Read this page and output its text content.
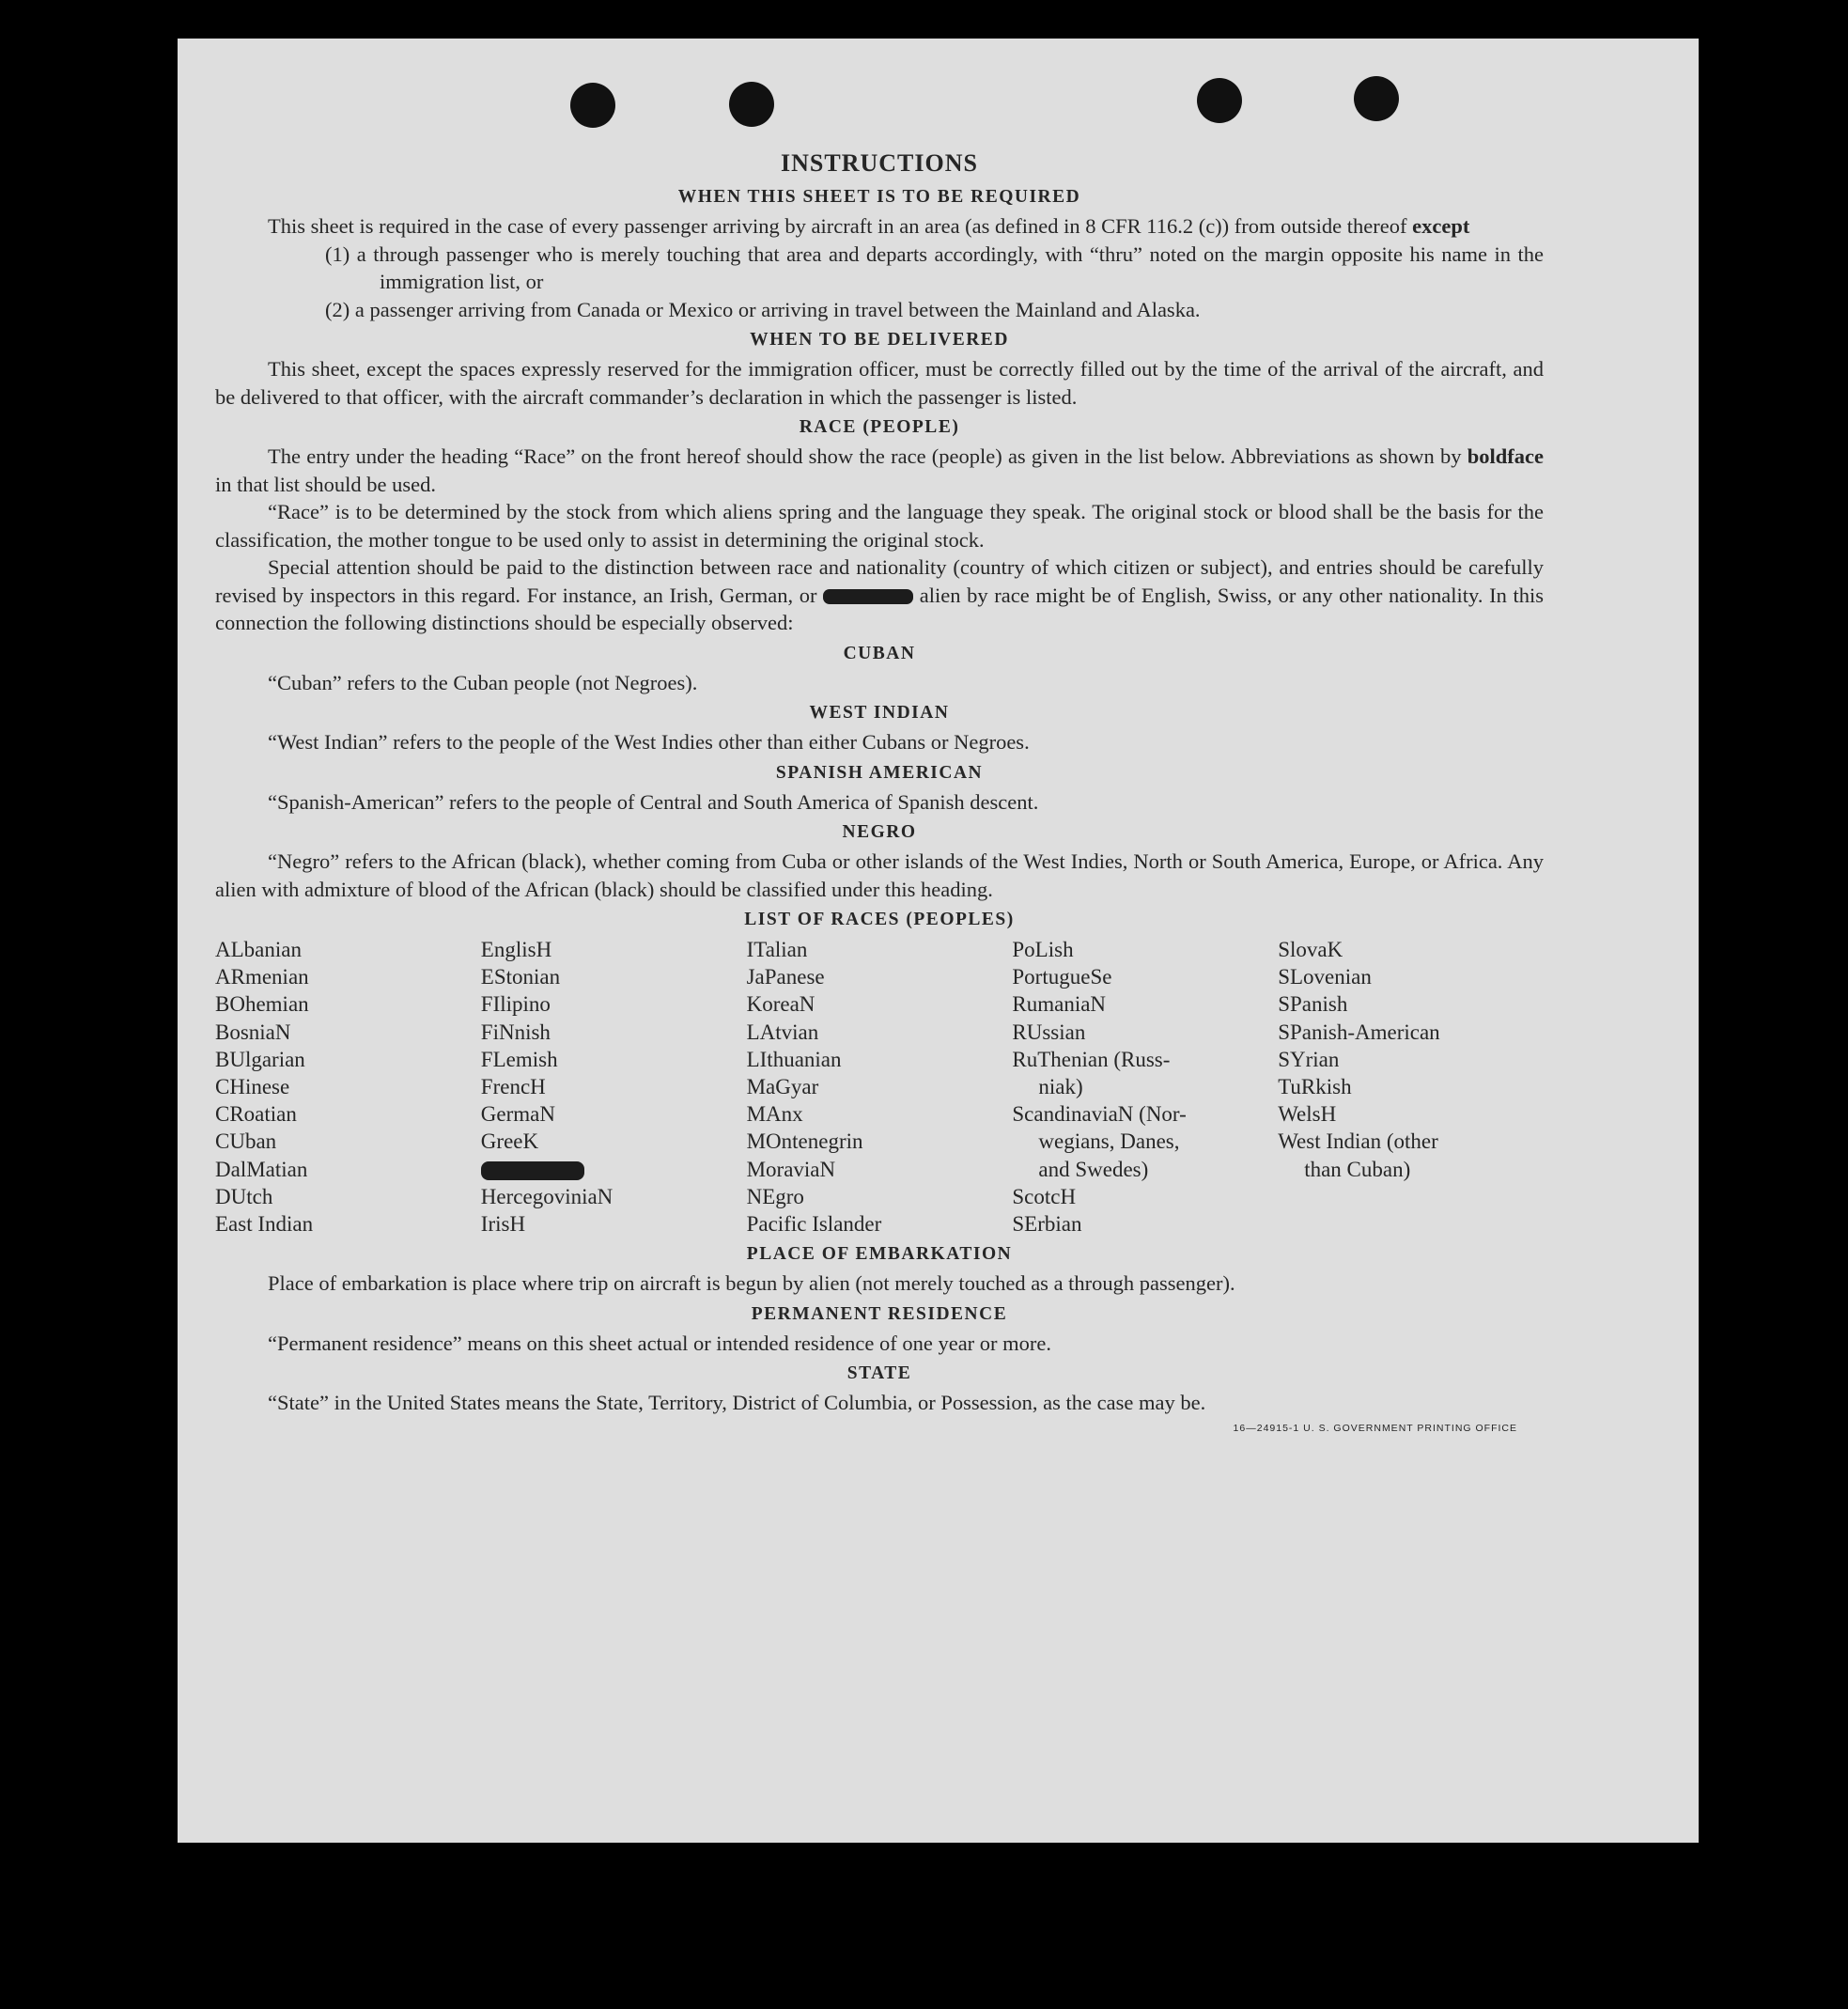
INSTRUCTIONS
WHEN THIS SHEET IS TO BE REQUIRED

This sheet is required in the case of every passenger arriving by aircraft in an area (as defined in 8 CFR 116.2 (c)) from outside thereof except

(1) a through passenger who is merely touching that area and departs accordingly, with “thru” noted on the margin opposite his name in the immigration list, or

(2) a passenger arriving from Canada or Mexico or arriving in travel between the Mainland and Alaska.

WHEN TO BE DELIVERED

This sheet, except the spaces expressly reserved for the immigration officer, must be correctly filled out by the time of the arrival of the aircraft, and be delivered to that officer, with the aircraft commander’s declaration in which the passenger is listed.

RACE (PEOPLE)

The entry under the heading “Race” on the front hereof should show the race (people) as given in the list below. Abbreviations as shown by boldface in that list should be used.

“Race” is to be determined by the stock from which aliens spring and the language they speak. The original stock or blood shall be the basis for the classification, the mother tongue to be used only to assist in determining the original stock.

Special attention should be paid to the distinction between race and nationality (country of which citizen or subject), and entries should be carefully revised by inspectors in this regard. For instance, an Irish, German, or	alien by race might be of English, Swiss, or any other nationality. In this connection the following distinctions should be especially observed:

CUBAN

“Cuban” refers to the Cuban people (not Negroes).

WEST INDIAN

“West Indian” refers to the people of the West Indies other than either Cubans or Negroes.

SPANISH AMERICAN

“Spanish-American” refers to the people of Central and South America of Spanish descent.

NEGRO

“Negro” refers to the African (black), whether coming from Cuba or other islands of the West Indies, North or South America, Europe, or Africa. Any alien with admixture of blood of the African (black) should be classified under this heading.

LIST OF RACES (PEOPLES)
ALbanian
ARmenian
BOhemian
BosniaN
BUlgarian
CHinese
CRoatian
CUban
DalMatian
DUtch
East Indian
EnglisH
EStonian
FIlipino
FiNnish
FLemish
FrencH
GermaN
GreeK
HercegovinіaN
IrisH
ITalian
JaPanese
KoreaN
LAtvian
LIthuanian
MaGyar
MAnx
MOntenegrin
MoraviaN
NEgro
Pacific Islander
PoLish
PortugueSe
RumaniaN
RUssian
RuThenian (Russ-
niak)
ScandinaviaN (Nor-
wegians, Danes,
and Swedes)
ScotcH
SErbian
SlovaK
SLovenian
SPanish
SPanish-American
SYrian
TuRkish
WelsH
West Indian (other
than Cuban)
PLACE OF EMBARKATION

Place of embarkation is place where trip on aircraft is begun by alien (not merely touched as a through passenger).

PERMANENT RESIDENCE

“Permanent residence” means on this sheet actual or intended residence of one year or more.

STATE

“State” in the United States means the State, Territory, District of Columbia, or Possession, as the case may be.

16—24915-1 U. S. GOVERNMENT PRINTING OFFICE
